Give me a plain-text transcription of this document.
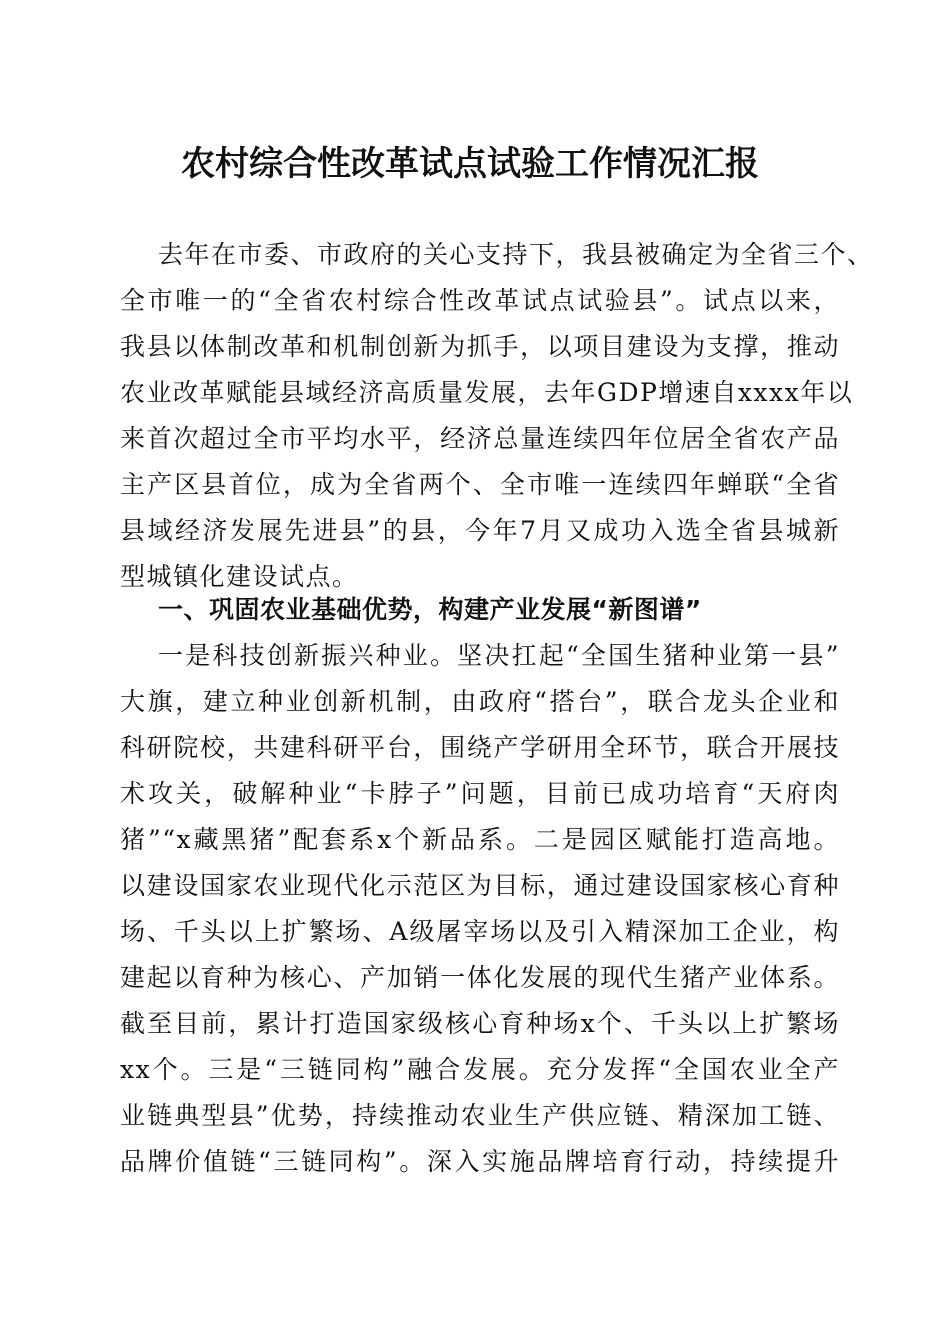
农村综合性改革试点试验工作情况汇报
去年在市委、市政府的关心支持下，我县被确定为全省三个、
全市唯一的“全省农村综合性改革试点试验县”。试点以来，
我县以体制改革和机制创新为抓手，以项目建设为支撑，推动
农业改革赋能县域经济高质量发展，去年GDP增速自xxxx年以
来首次超过全市平均水平，经济总量连续四年位居全省农产品
主产区县首位，成为全省两个、全市唯一连续四年蝉联“全省
县域经济发展先进县”的县，今年7月又成功入选全省县城新
型城镇化建设试点。
一、巩固农业基础优势，构建产业发展“新图谱”
一是科技创新振兴种业。坚决扛起“全国生猪种业第一县”
大旗，建立种业创新机制，由政府“搭台”，联合龙头企业和
科研院校，共建科研平台，围绕产学研用全环节，联合开展技
术攻关，破解种业“卡脖子”问题，目前已成功培育“天府肉
猪”“x藏黑猪”配套系x个新品系。二是园区赋能打造高地。
以建设国家农业现代化示范区为目标，通过建设国家核心育种
场、千头以上扩繁场、A级屠宰场以及引入精深加工企业，构
建起以育种为核心、产加销一体化发展的现代生猪产业体系。
截至目前，累计打造国家级核心育种场x个、千头以上扩繁场
xx个。三是“三链同构”融合发展。充分发挥“全国农业全产
业链典型县”优势，持续推动农业生产供应链、精深加工链、
品牌价值链“三链同构”。深入实施品牌培育行动，持续提升
